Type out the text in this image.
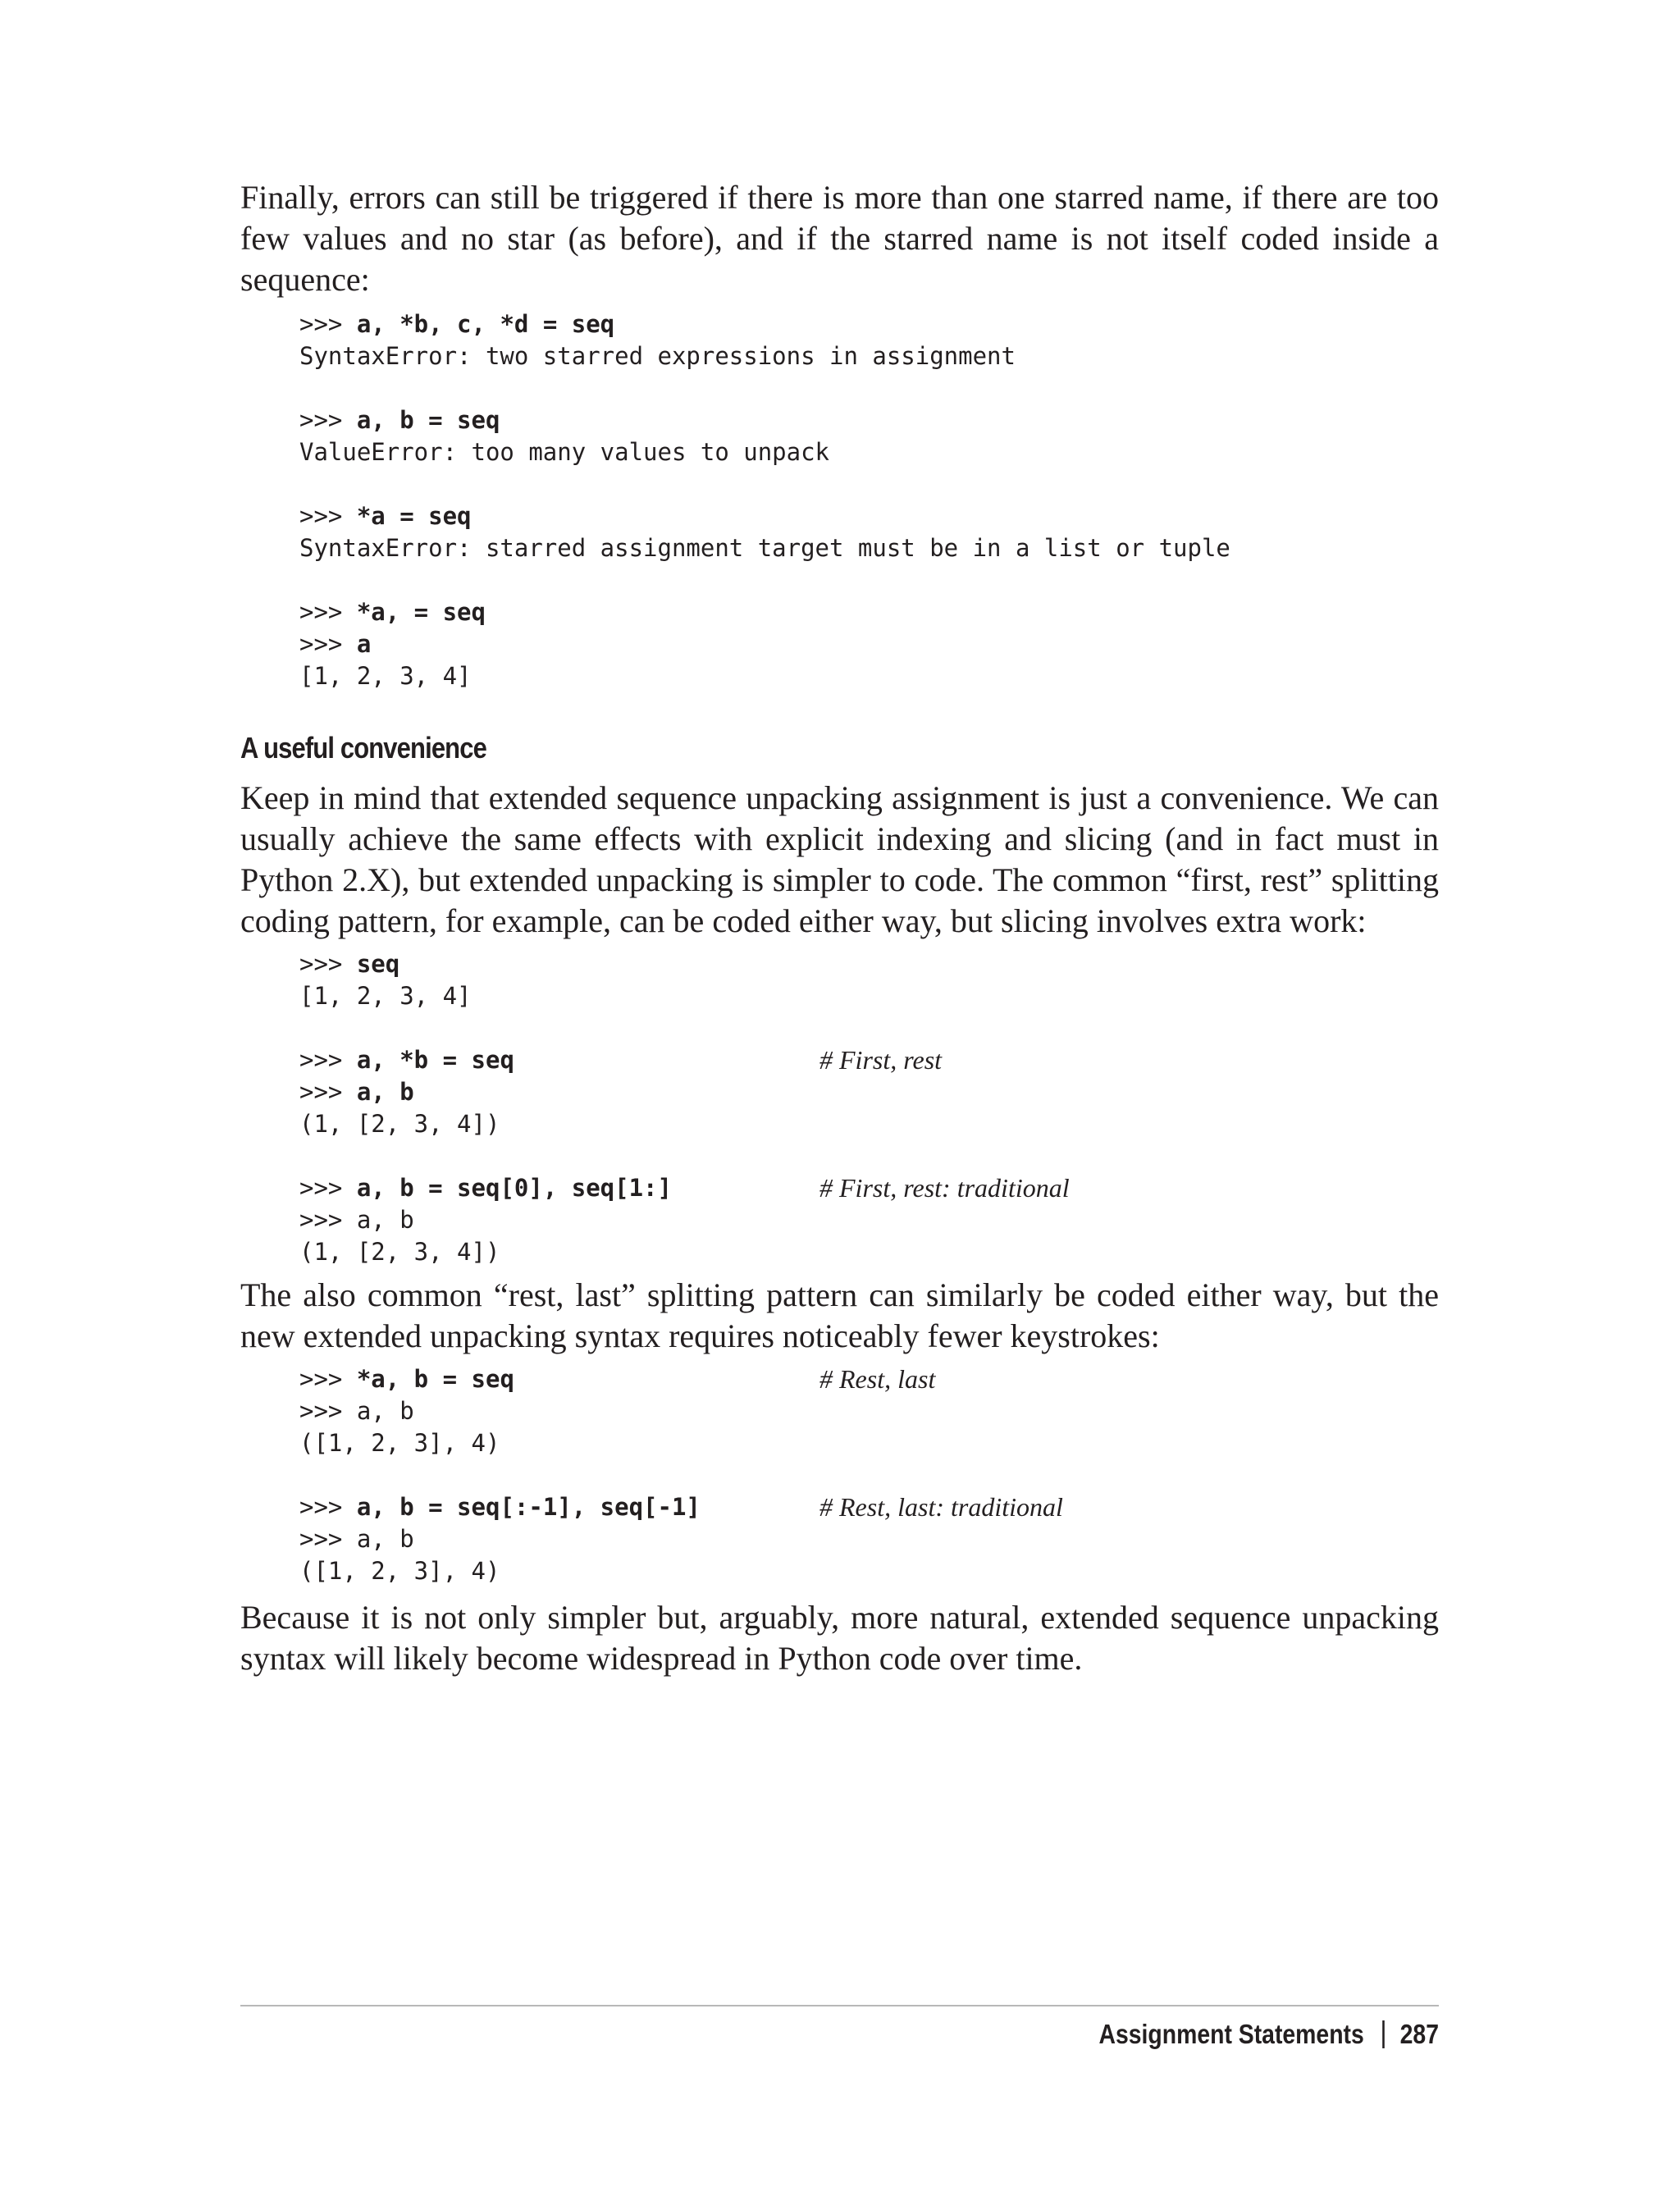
Finally, errors can still be triggered if there is more than one starred name, if there are too few values and no star (as before), and if the starred name is not itself coded inside a sequence:

>>> a, *b, c, *d = seq
SyntaxError: two starred expressions in assignment
>>> a, b = seq
ValueError: too many values to unpack
>>> *a = seq
SyntaxError: starred assignment target must be in a list or tuple
>>> *a, = seq
>>> a
[1, 2, 3, 4]
A useful convenience

Keep in mind that extended sequence unpacking assignment is just a convenience. We can usually achieve the same effects with explicit indexing and slicing (and in fact must in Python 2.X), but extended unpacking is simpler to code. The common “first, rest” splitting coding pattern, for example, can be coded either way, but slicing involves extra work:

>>> seq
[1, 2, 3, 4]
>>> a, *b = seq	# First, rest
>>> a, b
(1, [2, 3, 4])
>>> a, b = seq[0], seq[1:]	# First, rest: traditional
>>> a, b
(1, [2, 3, 4])

The also common “rest, last” splitting pattern can similarly be coded either way, but the new extended unpacking syntax requires noticeably fewer keystrokes:

>>> *a, b = seq	# Rest, last
>>> a, b
([1, 2, 3], 4)
>>> a, b = seq[:-1], seq[-1]	# Rest, last: traditional
>>> a, b
([1, 2, 3], 4)

Because it is not only simpler but, arguably, more natural, extended sequence unpacking syntax will likely become widespread in Python code over time.

Assignment Statements 287
